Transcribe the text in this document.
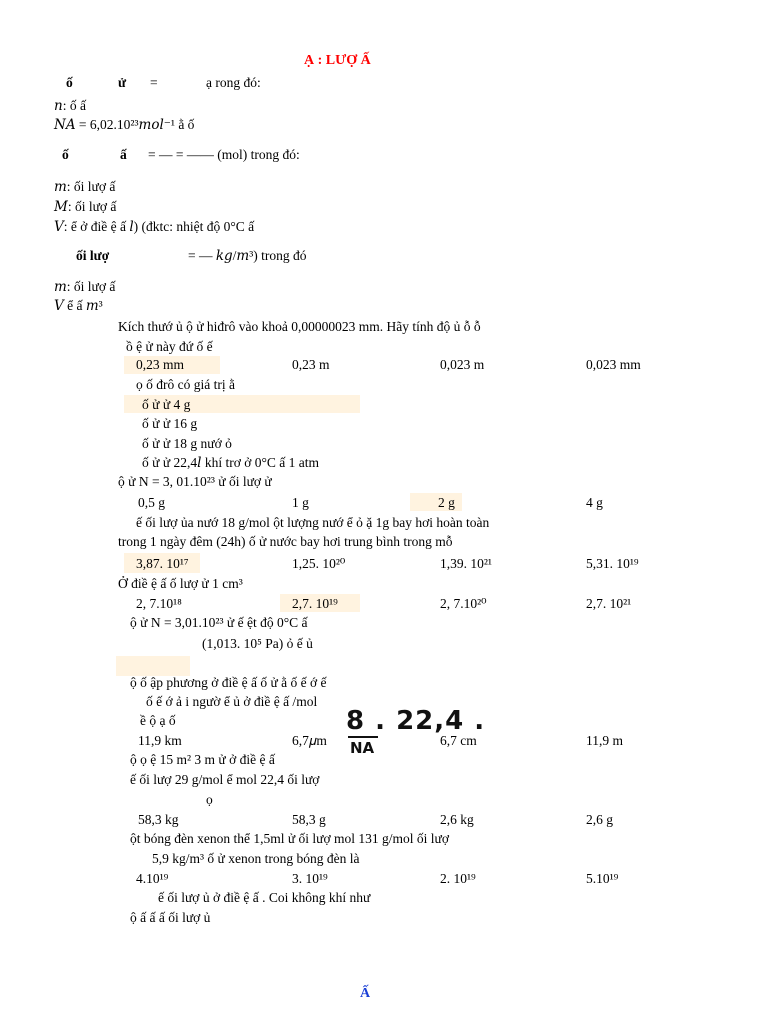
Ạ : LƯỢ Ấ
ố	ử =	ạ rong đó:
𝑛: ố ấ
𝑁𝐴 = 6,02.10²³𝑚𝑜𝑙⁻¹ ằ ố
ố	ấ = — = —— (mol) trong đó:
𝑚: ối lượ ấ
𝑀: ối lượ ấ
𝑉: ể ở điề ệ ấ 𝑙) (đktc: nhiệt độ 0°C ấ
ối lượ	= — 𝑘𝑔/𝑚³) trong đó
𝑚: ối lượ ấ
𝑉 ể ấ 𝑚³
Kích thướ ủ ộ ử hiđrô vào khoả 0,00000023 mm. Hãy tính độ ủ ỗ ỗ
ồ ệ ử này đứ ố ế
0,23 mm	0,23 m	0,023 m	0,023 mm
ọ ố đrô có giá trị ằ
ố ử ử 4 g
ố ử ử 16 g
ố ử ử 18 g nướ ỏ
ố ử ử 22,4𝑙 khí trơ ở 0°C ấ 1 atm
ộ ử N = 3, 01.10²³ ử ối lượ ử
0,5 g	1 g	2 g	4 g
ế ối lượ ủa nướ 18 g/mol ột lượng nướ ể ỏ ặ 1g bay hơi hoàn toàn
trong 1 ngày đêm (24h) ố ử nước bay hơi trung bình trong mỗ
3,87. 10¹⁷	1,25. 10²⁰	1,39. 10²¹	5,31. 10¹⁹
Ở điề ệ ấ ố lượ ử 1 cm³
2, 7.10¹⁸	2,7. 10¹⁹	2, 7.10²⁰	2,7. 10²¹
ộ ử N = 3,01.10²³ ử ế ệt độ 0°C ấ
(1,013. 10⁵ Pa) ỏ ế ủ
ộ ố ập phương ở điề ệ ấ ố ử ằ ố ế ớ ế
ố ế ớ ả i ngườ ể ủ ở điề ệ ấ /mol
ề ộ ạ ố
11,9 km	6,7𝜇m	6,7 cm	11,9 m
8 . 22,4 .
NA
ộ ọ ệ 15 m² 3 m ử ở điề ệ ấ
ế ối lượ 29 g/mol ể mol 22,4 ối lượ
ọ
58,3 kg	58,3 g	2,6 kg	2,6 g
ột bóng đèn xenon thể 1,5ml ử ối lượ mol 131 g/mol ối lượ
5,9 kg/m³ ố ử xenon trong bóng đèn là
4.10¹⁹	3. 10¹⁹	2. 10¹⁹	5.10¹⁹
ế ối lượ ủ ở điề ệ ấ . Coi không khí như
ộ ấ ấ ấ ối lượ ủ
Ấ
